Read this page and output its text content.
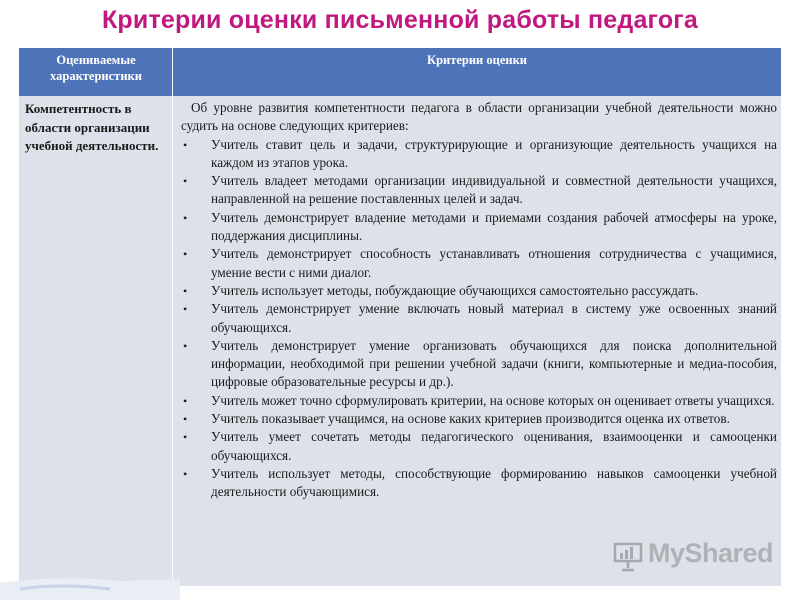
Критерии оценки письменной работы педагога
Оцениваемые характеристики
Критерии оценки
Компетентность в области организации учебной деятельности.

Об уровне развития компетентности педагога в области организации учебной деятельности можно судить на основе следующих критериев:

• Учитель ставит цель и задачи, структурирующие и организующие деятельность учащихся на каждом из этапов урока.
• Учитель владеет методами организации индивидуальной и совместной деятельности учащихся, направленной на решение поставленных целей и задач.
• Учитель демонстрирует владение методами и приемами создания рабочей атмосферы на уроке, поддержания дисциплины.
• Учитель демонстрирует способность устанавливать отношения сотрудничества с учащимися, умение вести с ними диалог.
• Учитель использует методы, побуждающие обучающихся самостоятельно рассуждать.
• Учитель демонстрирует умение включать новый материал в систему уже освоенных знаний обучающихся.
• Учитель демонстрирует умение организовать обучающихся для поиска дополнительной информации, необходимой при решении учебной задачи (книги, компьютерные и медиа-пособия, цифровые образовательные ресурсы и др.).
• Учитель может точно сформулировать критерии, на основе которых он оценивает ответы учащихся.
• Учитель показывает учащимся, на основе каких критериев производится оценка их ответов.
• Учитель умеет сочетать методы педагогического оценивания, взаимооценки и самооценки обучающихся.
• Учитель использует методы, способствующие формированию навыков самооценки учебной деятельности обучающимися.
MyShared
